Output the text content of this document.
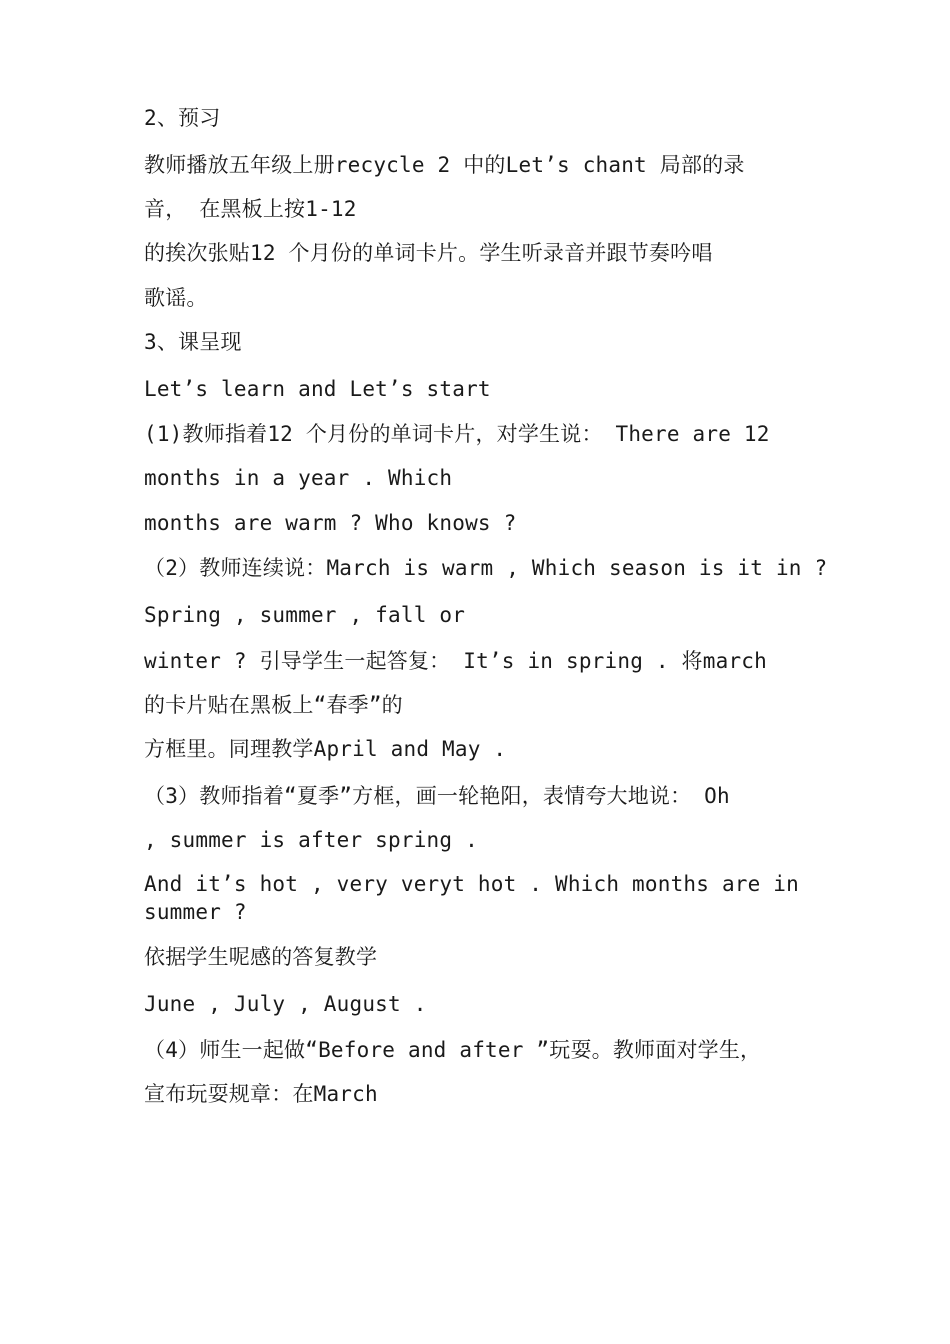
2、预习
教师播放五年级上册recycle 2 中的Let’s chant 局部的录
音， 在黑板上按1-12
的挨次张贴12 个月份的单词卡片。学生听录音并跟节奏吟唱
歌谣。
3、课呈现
Let’s learn and Let’s start
(1)教师指着12 个月份的单词卡片，对学生说： There are 12
months in a year . Which
months are warm ? Who knows ?
（2）教师连续说：March is warm , Which season is it in ?
Spring , summer , fall or
winter ? 引导学生一起答复： It’s in spring . 将march
的卡片贴在黑板上“春季”的
方框里。同理教学April and May .
（3）教师指着“夏季”方框，画一轮艳阳，表情夸大地说： Oh
, summer is after spring .
And it’s hot , very veryt hot . Which months are in
summer ?
依据学生呢感的答复教学
June , July , August .
（4）师生一起做“Before and after ”玩耍。教师面对学生，
宣布玩耍规章：在March
